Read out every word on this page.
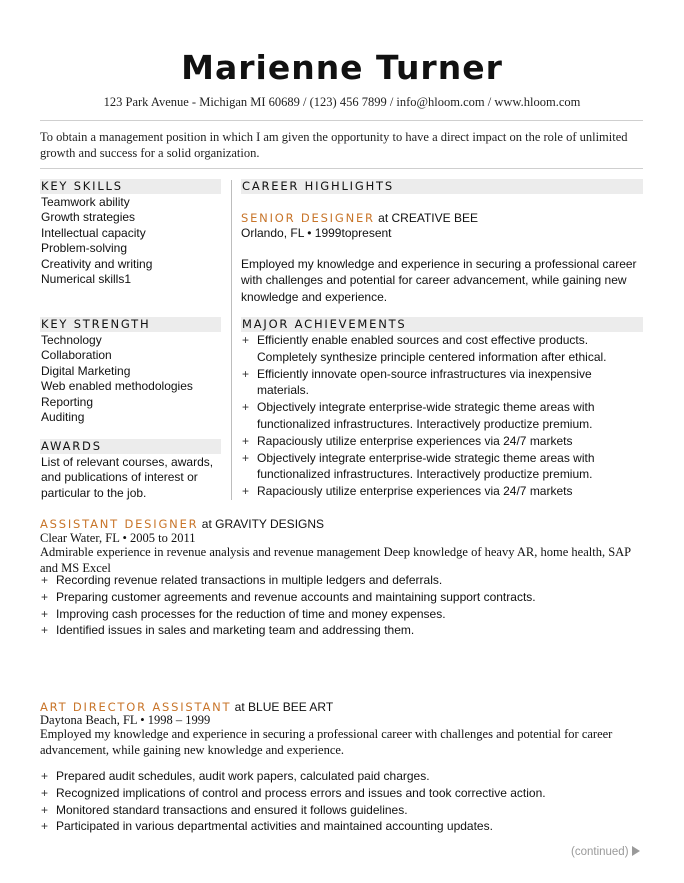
Marienne Turner
123 Park Avenue - Michigan MI 60689 / (123) 456 7899 / info@hloom.com / www.hloom.com
To obtain a management position in which I am given the opportunity to have a direct impact on the role of unlimited growth and success for a solid organization.
KEY SKILLS
Teamwork ability
Growth strategies
Intellectual capacity
Problem-solving
Creativity and writing
Numerical skills1
KEY STRENGTH
Technology
Collaboration
Digital Marketing
Web enabled methodologies
Reporting
Auditing
AWARDS
List of relevant courses, awards, and publications of interest or particular to the job.
CAREER HIGHLIGHTS
SENIOR DESIGNER at CREATIVE BEE
Orlando, FL • 1999topresent
Employed my knowledge and experience in securing a professional career with challenges and potential for career advancement, while gaining new knowledge and experience.
MAJOR ACHIEVEMENTS
+ Efficiently enable enabled sources and cost effective products. Completely synthesize principle centered information after ethical.
+ Efficiently innovate open-source infrastructures via inexpensive materials.
+ Objectively integrate enterprise-wide strategic theme areas with functionalized infrastructures. Interactively productize premium.
+ Rapaciously utilize enterprise experiences via 24/7 markets
+ Objectively integrate enterprise-wide strategic theme areas with functionalized infrastructures. Interactively productize premium.
+ Rapaciously utilize enterprise experiences via 24/7 markets
ASSISTANT DESIGNER at GRAVITY DESIGNS
Clear Water, FL • 2005 to 2011
Admirable experience in revenue analysis and revenue management Deep knowledge of heavy AR, home health, SAP and MS Excel
+ Recording revenue related transactions in multiple ledgers and deferrals.
+ Preparing customer agreements and revenue accounts and maintaining support contracts.
+ Improving cash processes for the reduction of time and money expenses.
+ Identified issues in sales and marketing team and addressing them.
ART DIRECTOR ASSISTANT at BLUE BEE ART
Daytona Beach, FL • 1998 – 1999
Employed my knowledge and experience in securing a professional career with challenges and potential for career advancement, while gaining new knowledge and experience.
+ Prepared audit schedules, audit work papers, calculated paid charges.
+ Recognized implications of control and process errors and issues and took corrective action.
+ Monitored standard transactions and ensured it follows guidelines.
+ Participated in various departmental activities and maintained accounting updates.
(continued)
